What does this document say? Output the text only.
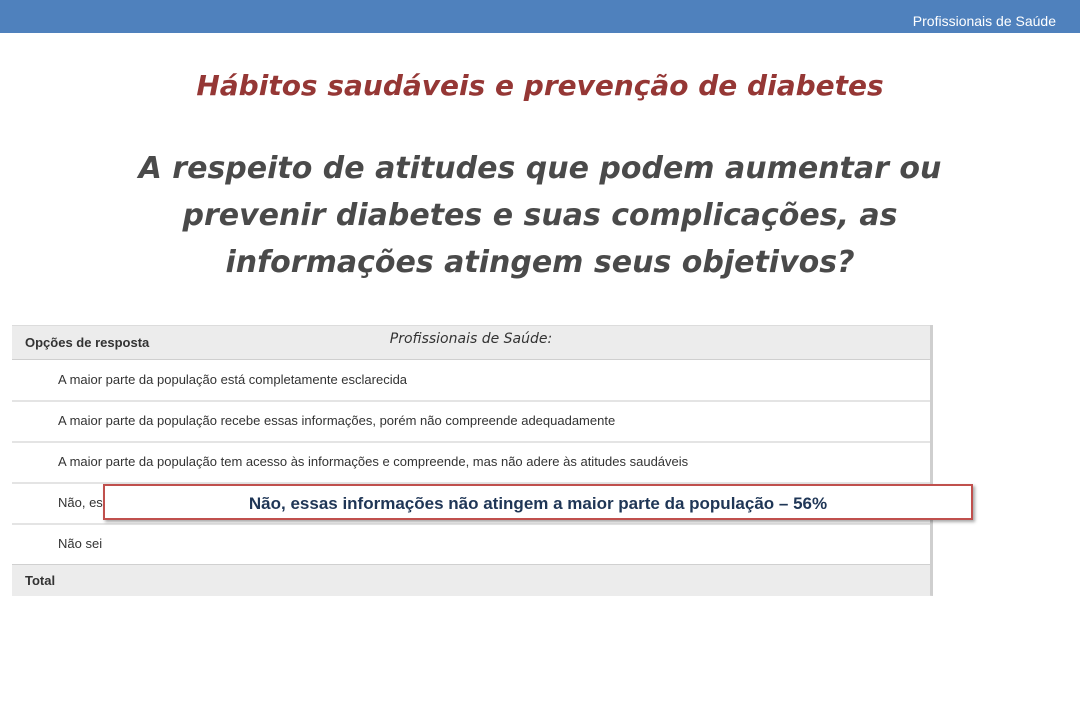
Profissionais de Saúde
Hábitos saudáveis e prevenção de diabetes
A respeito de atitudes que podem aumentar ou prevenir diabetes e suas complicações, as informações atingem seus objetivos?
Opções de resposta	Profissionais de Saúde:
A maior parte da população está completamente esclarecida
A maior parte da população recebe essas informações, porém não compreende adequadamente
A maior parte da população tem acesso às informações e compreende, mas não adere às atitudes saudáveis
Não, es
Não sei
Total
Não, essas informações não atingem a maior parte da população – 56%
